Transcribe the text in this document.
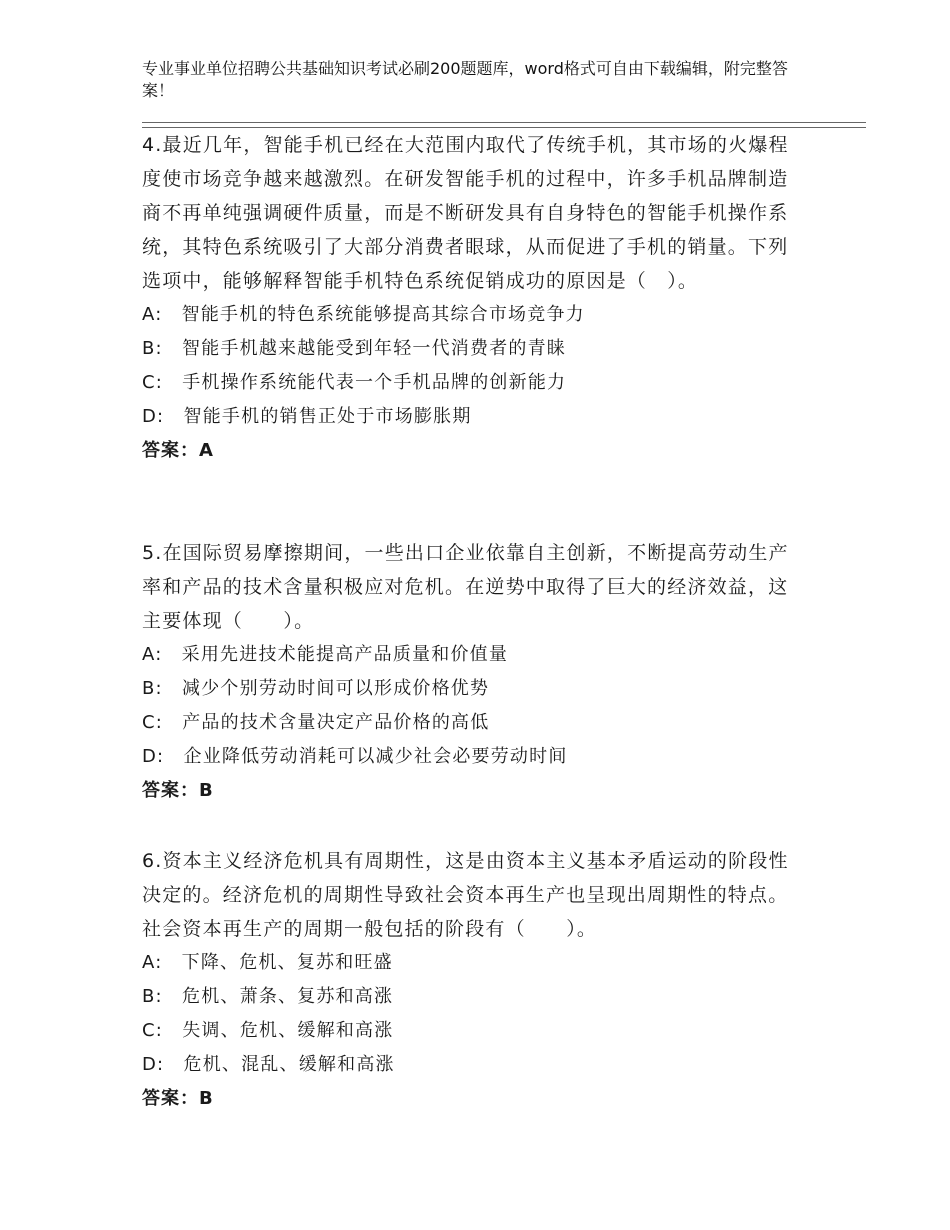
专业事业单位招聘公共基础知识考试必刷200题题库，word格式可自由下载编辑，附完整答案！

4.最近几年，智能手机已经在大范围内取代了传统手机，其市场的火爆程度使市场竞争越来越激烈。在研发智能手机的过程中，许多手机品牌制造商不再单纯强调硬件质量，而是不断研发具有自身特色的智能手机操作系统，其特色系统吸引了大部分消费者眼球，从而促进了手机的销量。下列选项中，能够解释智能手机特色系统促销成功的原因是（　）。

A:　智能手机的特色系统能够提高其综合市场竞争力

B:　智能手机越来越能受到年轻一代消费者的青睐

C:　手机操作系统能代表一个手机品牌的创新能力

D:　智能手机的销售正处于市场膨胀期

答案：A

5.在国际贸易摩擦期间，一些出口企业依靠自主创新，不断提高劳动生产率和产品的技术含量积极应对危机。在逆势中取得了巨大的经济效益，这主要体现（　　）。

A:　采用先进技术能提高产品质量和价值量

B:　减少个别劳动时间可以形成价格优势

C:　产品的技术含量决定产品价格的高低

D:　企业降低劳动消耗可以减少社会必要劳动时间

答案：B

6.资本主义经济危机具有周期性，这是由资本主义基本矛盾运动的阶段性决定的。经济危机的周期性导致社会资本再生产也呈现出周期性的特点。社会资本再生产的周期一般包括的阶段有（　　）。

A:　下降、危机、复苏和旺盛

B:　危机、萧条、复苏和高涨

C:　失调、危机、缓解和高涨

D:　危机、混乱、缓解和高涨

答案：B
